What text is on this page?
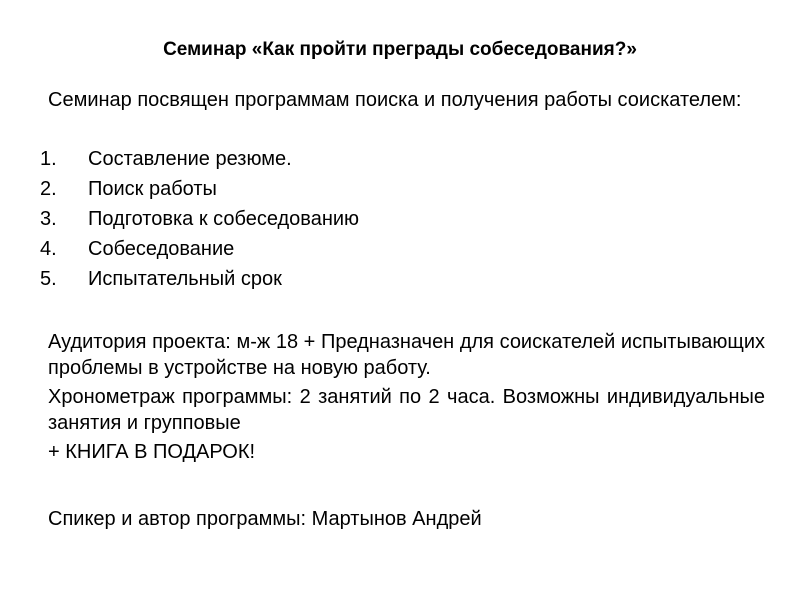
Семинар «Как пройти преграды собеседования?»
Семинар посвящен программам поиска и получения работы соискателем:
1.	Составление резюме.
2.	Поиск работы
3.	Подготовка к собеседованию
4.	Собеседование
5.	Испытательный срок
Аудитория проекта: м-ж 18 + Предназначен для соискателей испытывающих проблемы в устройстве на новую работу.
Хронометраж программы: 2 занятий по 2 часа. Возможны индивидуальные занятия и групповые
+ КНИГА В ПОДАРОК!
Спикер и автор программы: Мартынов Андрей
